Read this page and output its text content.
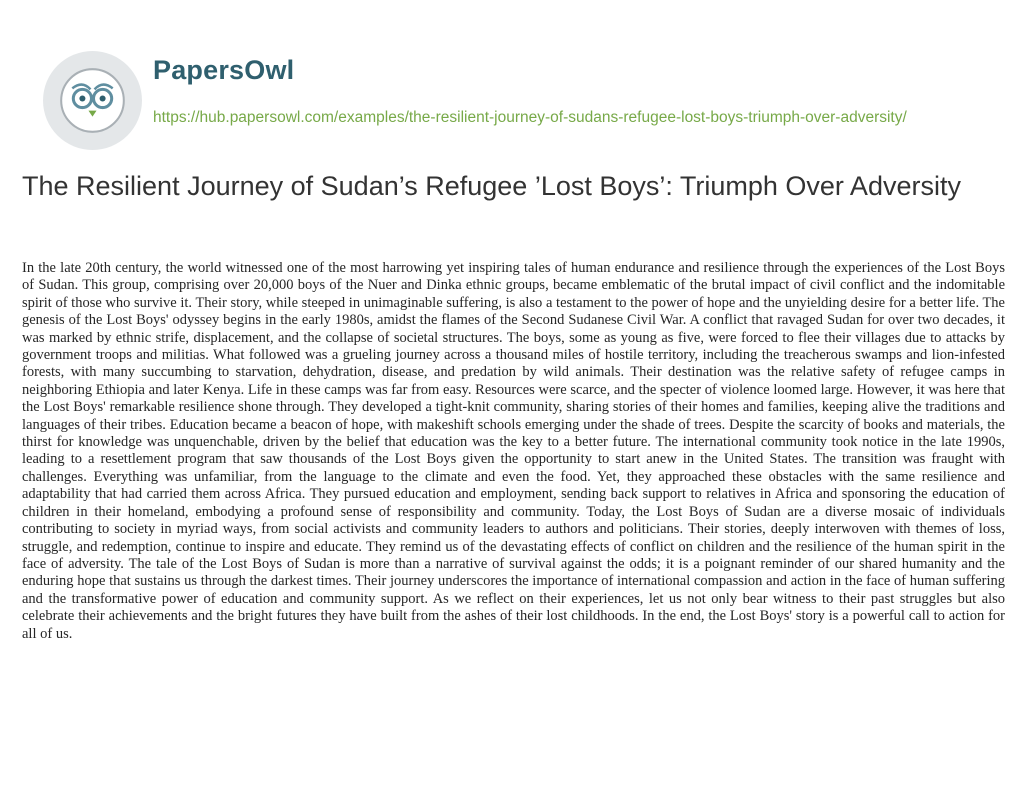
PapersOwl
https://hub.papersowl.com/examples/the-resilient-journey-of-sudans-refugee-lost-boys-triumph-over-adversity/
The Resilient Journey of Sudan’s Refugee ’Lost Boys’: Triumph Over Adversity

In the late 20th century, the world witnessed one of the most harrowing yet inspiring tales of human endurance and resilience through the experiences of the Lost Boys of Sudan. This group, comprising over 20,000 boys of the Nuer and Dinka ethnic groups, became emblematic of the brutal impact of civil conflict and the indomitable spirit of those who survive it. Their story, while steeped in unimaginable suffering, is also a testament to the power of hope and the unyielding desire for a better life. The genesis of the Lost Boys' odyssey begins in the early 1980s, amidst the flames of the Second Sudanese Civil War. A conflict that ravaged Sudan for over two decades, it was marked by ethnic strife, displacement, and the collapse of societal structures. The boys, some as young as five, were forced to flee their villages due to attacks by government troops and militias. What followed was a grueling journey across a thousand miles of hostile territory, including the treacherous swamps and lion-infested forests, with many succumbing to starvation, dehydration, disease, and predation by wild animals. Their destination was the relative safety of refugee camps in neighboring Ethiopia and later Kenya. Life in these camps was far from easy. Resources were scarce, and the specter of violence loomed large. However, it was here that the Lost Boys' remarkable resilience shone through. They developed a tight-knit community, sharing stories of their homes and families, keeping alive the traditions and languages of their tribes. Education became a beacon of hope, with makeshift schools emerging under the shade of trees. Despite the scarcity of books and materials, the thirst for knowledge was unquenchable, driven by the belief that education was the key to a better future. The international community took notice in the late 1990s, leading to a resettlement program that saw thousands of the Lost Boys given the opportunity to start anew in the United States. The transition was fraught with challenges. Everything was unfamiliar, from the language to the climate and even the food. Yet, they approached these obstacles with the same resilience and adaptability that had carried them across Africa. They pursued education and employment, sending back support to relatives in Africa and sponsoring the education of children in their homeland, embodying a profound sense of responsibility and community. Today, the Lost Boys of Sudan are a diverse mosaic of individuals contributing to society in myriad ways, from social activists and community leaders to authors and politicians. Their stories, deeply interwoven with themes of loss, struggle, and redemption, continue to inspire and educate. They remind us of the devastating effects of conflict on children and the resilience of the human spirit in the face of adversity. The tale of the Lost Boys of Sudan is more than a narrative of survival against the odds; it is a poignant reminder of our shared humanity and the enduring hope that sustains us through the darkest times. Their journey underscores the importance of international compassion and action in the face of human suffering and the transformative power of education and community support. As we reflect on their experiences, let us not only bear witness to their past struggles but also celebrate their achievements and the bright futures they have built from the ashes of their lost childhoods. In the end, the Lost Boys' story is a powerful call to action for all of us.
